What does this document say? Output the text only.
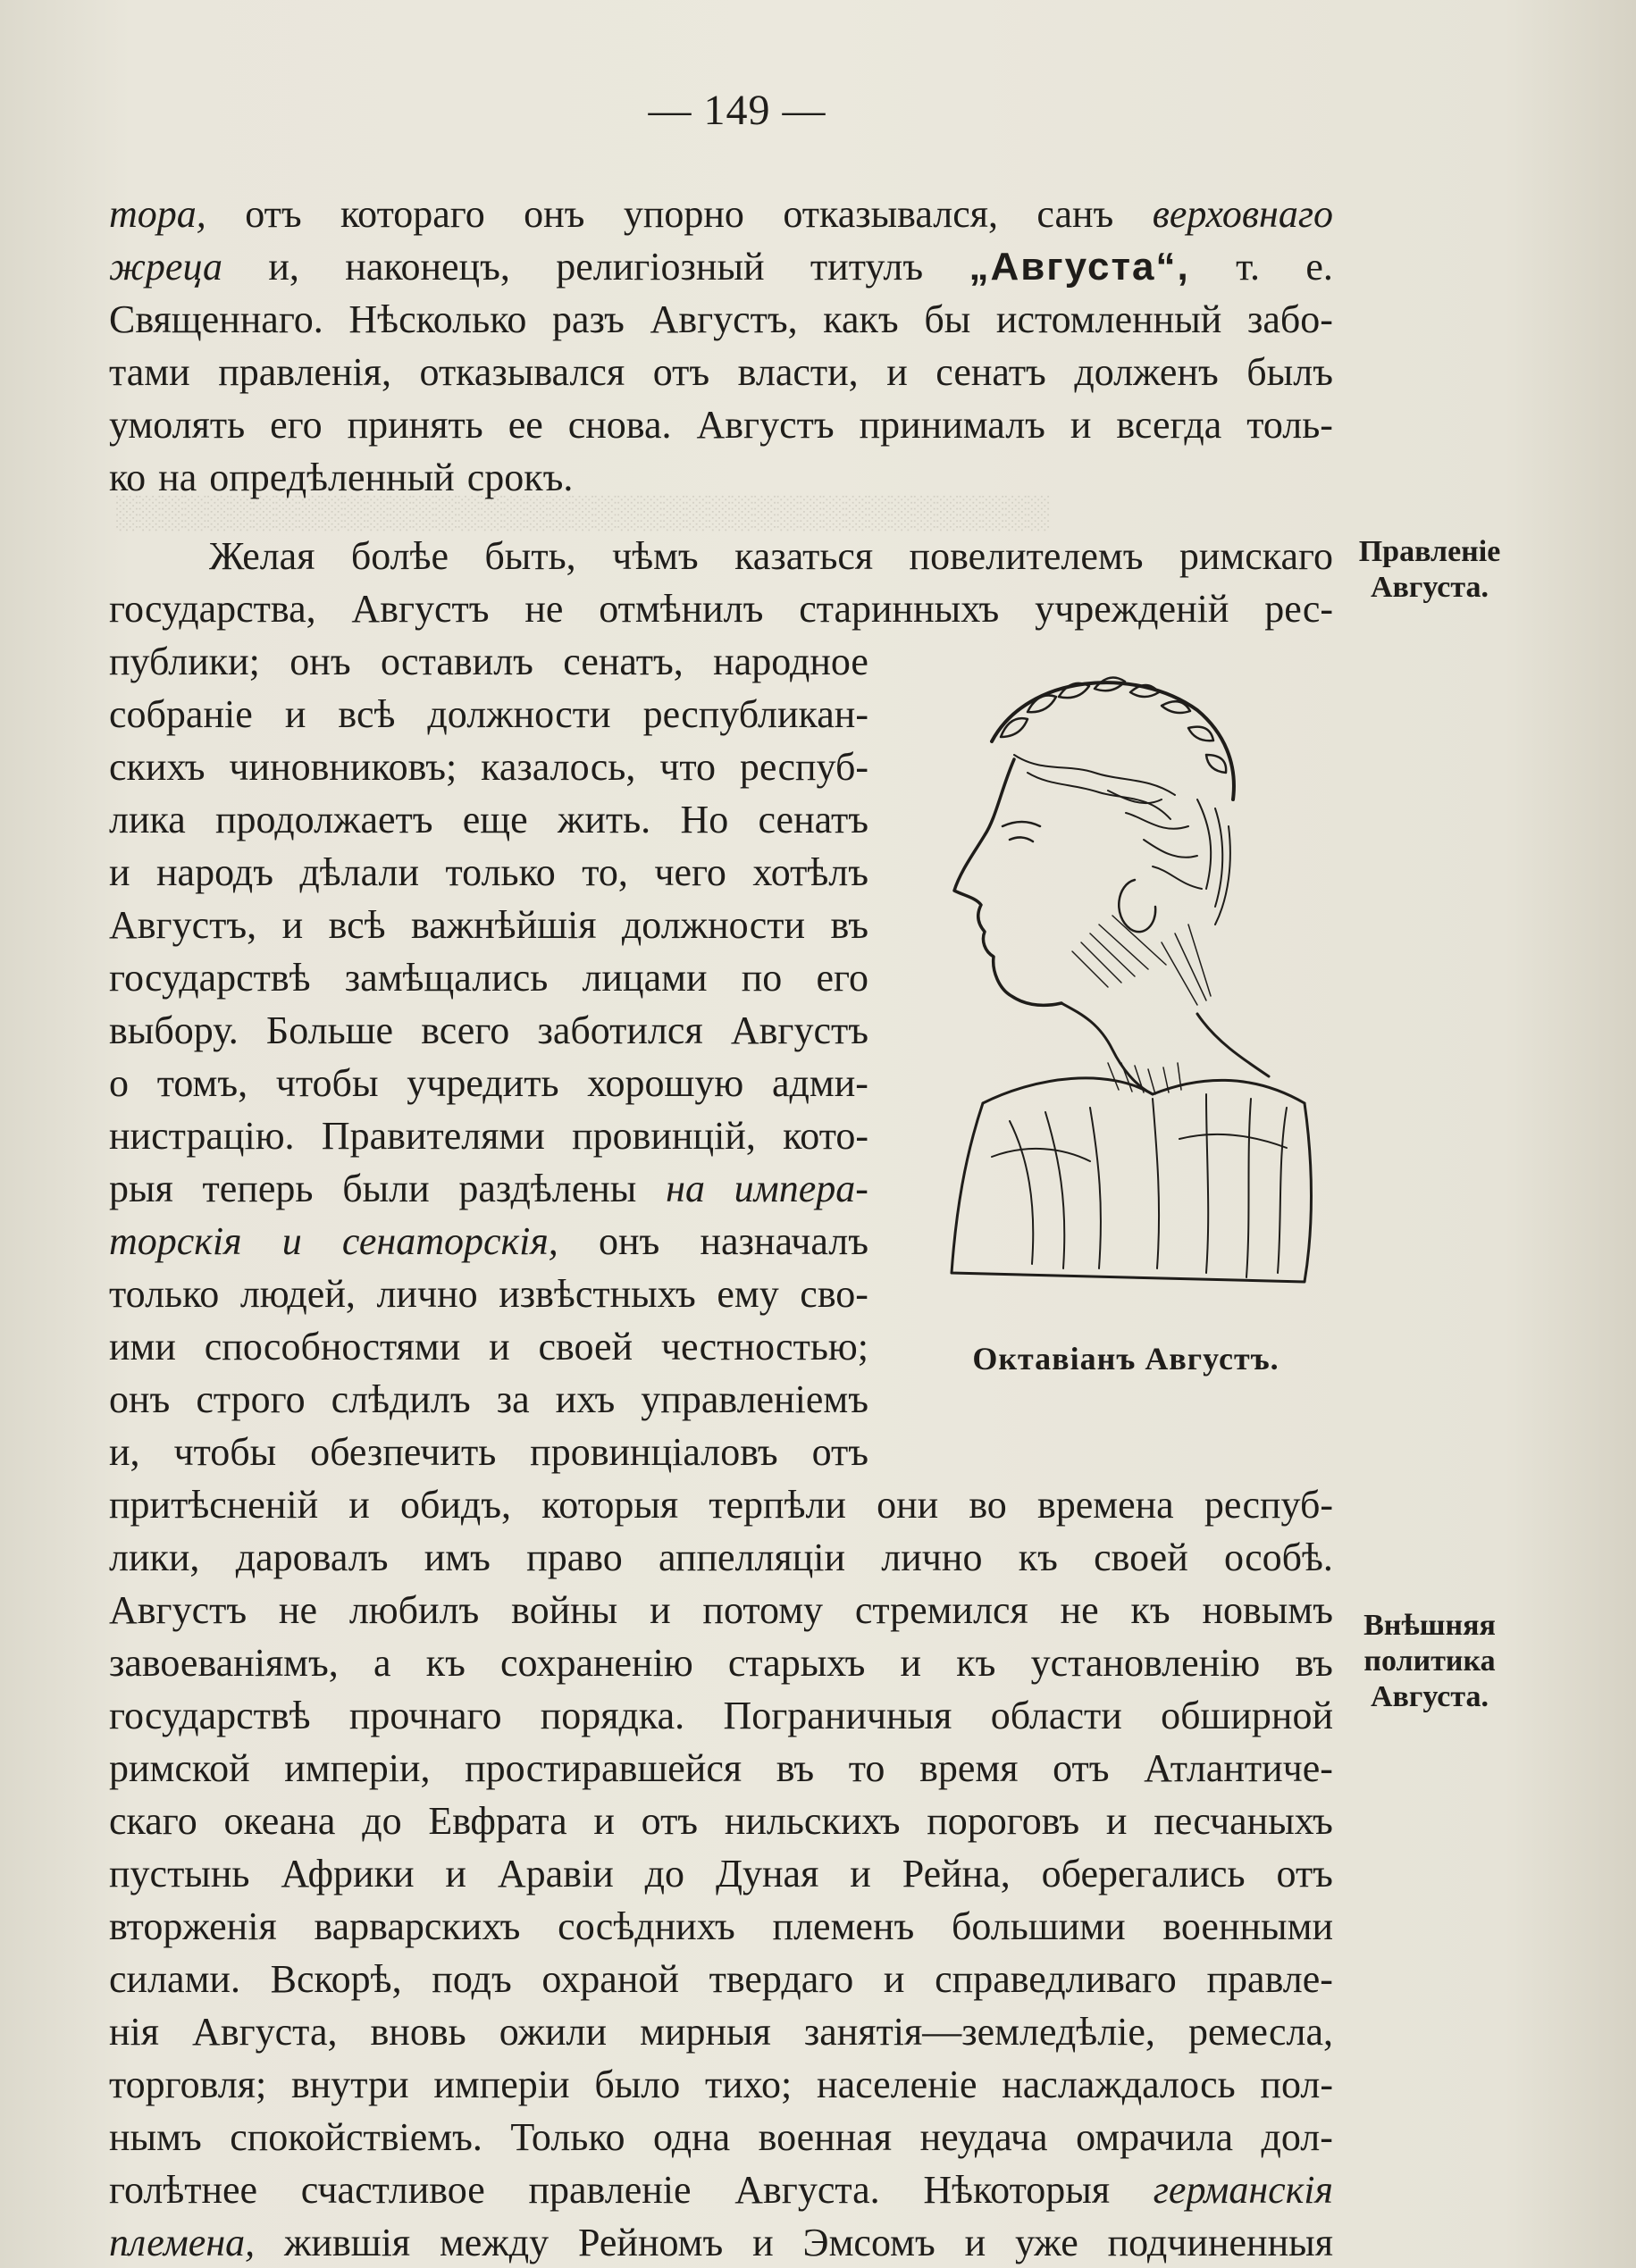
░░░░░░░░░░░░░░░░░░░░░░░░░░░░░░░░░░░░░░░░░
— 149 —
тора, отъ котораго онъ упорно отказывался, санъ верховнаго
жреца и, наконецъ, религіозный титулъ „Августа“, т. е.
Священнаго. Нѣсколько разъ Августъ, какъ бы истомленный забо-
тами правленія, отказывался отъ власти, и сенатъ долженъ былъ
умолять его принять ее снова. Августъ принималъ и всегда толь-
ко на опредѣленный срокъ.
Желая болѣе быть, чѣмъ казаться повелителемъ римскаго
государства, Августъ не отмѣнилъ старинныхъ учрежденій рес-
публики; онъ оставилъ сенатъ, народное
собраніе и всѣ должности республикан-
скихъ чиновниковъ; казалось, что респуб-
лика продолжаетъ еще жить. Но сенатъ
и народъ дѣлали только то, чего хотѣлъ
Августъ, и всѣ важнѣйшія должности въ
государствѣ замѣщались лицами по его
выбору. Больше всего заботился Августъ
о томъ, чтобы учредить хорошую адми-
нистрацію. Правителями провинцій, кото-
рыя теперь были раздѣлены на импера-
торскія и сенаторскія, онъ назначалъ
только людей, лично извѣстныхъ ему сво-
ими способностями и своей честностью;
онъ строго слѣдилъ за ихъ управленіемъ
и, чтобы обезпечить провинціаловъ отъ
притѣсненій и обидъ, которыя терпѣли они во времена респуб-
лики, даровалъ имъ право аппелляціи лично къ своей особѣ.
Августъ не любилъ войны и потому стремился не къ новымъ
завоеваніямъ, а къ сохраненію старыхъ и къ установленію въ
государствѣ прочнаго порядка. Пограничныя области обширной
римской имперіи, простиравшейся въ то время отъ Атлантиче-
скаго океана до Евфрата и отъ нильскихъ пороговъ и песчаныхъ
пустынь Африки и Аравіи до Дуная и Рейна, оберегались отъ
вторженія варварскихъ сосѣднихъ племенъ большими военными
силами. Вскорѣ, подъ охраной твердаго и справедливаго правле-
нія Августа, вновь ожили мирныя занятія—земледѣліе, ремесла,
торговля; внутри имперіи было тихо; населеніе наслаждалось пол-
нымъ спокойствіемъ. Только одна военная неудача омрачила дол-
голѣтнее счастливое правленіе Августа. Нѣкоторыя германскія
племена, жившія между Рейномъ и Эмсомъ и уже подчиненныя
Октавіанъ Августъ.
Правленіе
Августа.
Внѣшняя
политика
Августа.
